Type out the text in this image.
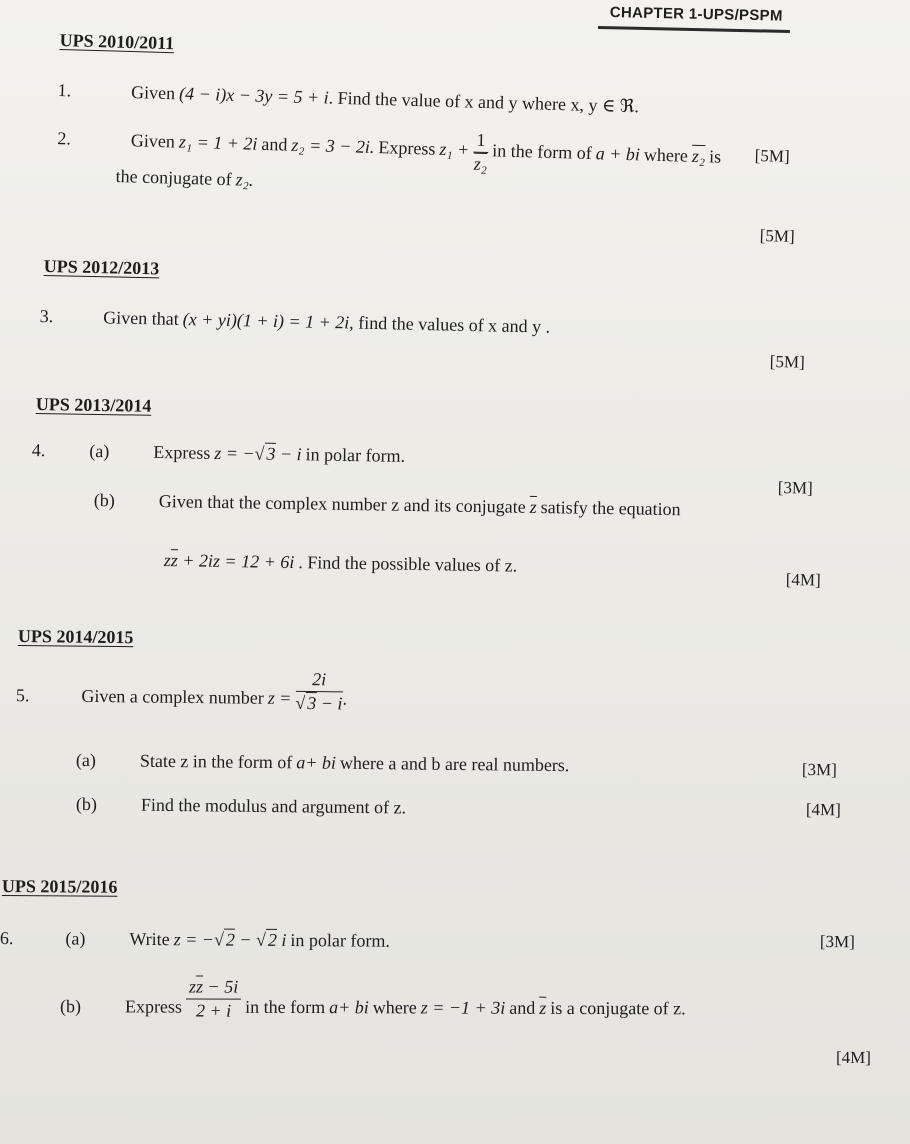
CHAPTER 1-UPS/PSPM
UPS 2010/2011
1.	Given (4 − i)x − 3y = 5 + i. Find the value of x and y where x, y ∈ ℜ.
[5M]
2.	Given z₁ = 1 + 2i and z₂ = 3 − 2i. Express $z_1 + \frac{1}{\text{z₂}}$ in the form of a + bi where z₂ is
the conjugate of z₂.
[5M]
UPS 2012/2013
3.	Given that (x + yi)(1 + i) = 1 + 2i, find the values of x and y .
[5M]
UPS 2013/2014
4. (a) Express z = −√3 − i in polar form.
[3M]
(b) Given that the complex number z and its conjugate $\overline{z}$ satisfy the equation
$z\overline{z} + 2iz = 12 + 6i$ . Find the possible values of z.
[4M]
UPS 2014/2015
5.	Given a complex number $z = \frac{2i}{√3 - i}$ .
(a) State z in the form of a+ bi where a and b are real numbers.	[3M]
(b) Find the modulus and argument of z.	[4M]
UPS 2015/2016
6.	(a) Write z = −√ 2 − √ 2 i in polar form.	[3M]
(b) Express $\frac{z\overline{z} - 5i}{2 + i}$ in the form a+ bi where z = −1 + 3i and $\overline{z}$ is a conjugate of z.
[4M]
